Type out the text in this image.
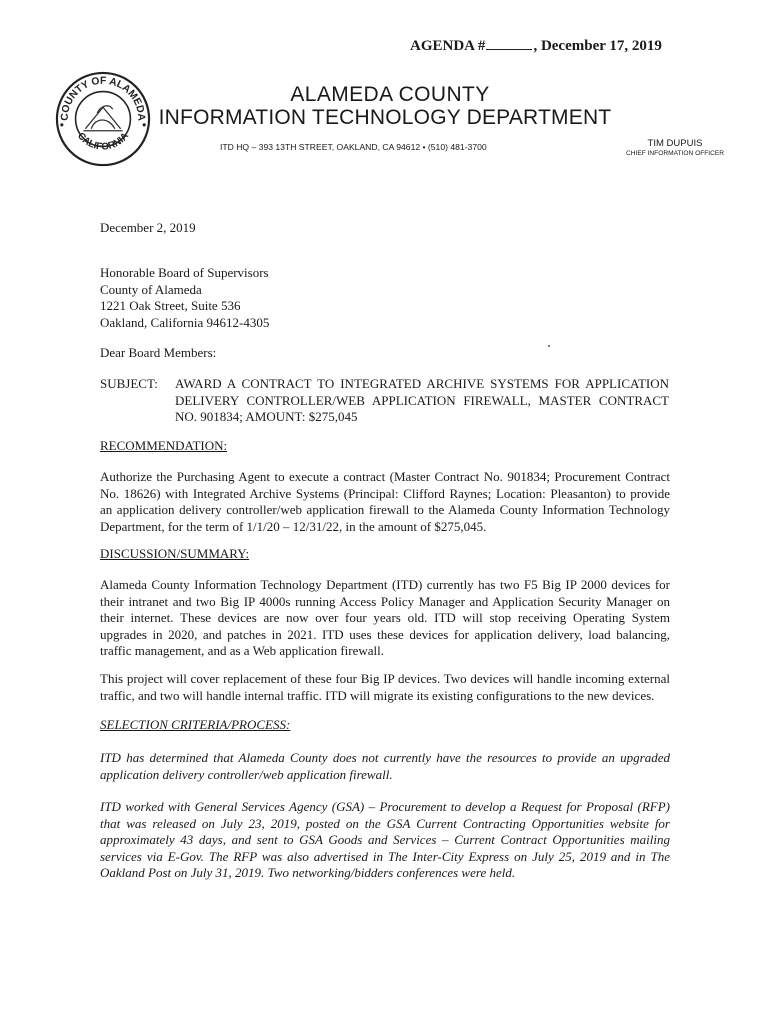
AGENDA #	, December 17, 2019
COUNTY OF ALAMEDA
CALIFORNIA
ALAMEDA COUNTY
INFORMATION TECHNOLOGY DEPARTMENT
ITD HQ – 393 13TH STREET, OAKLAND, CA 94612 • (510) 481-3700	TIM DUPUIS
CHIEF INFORMATION OFFICER
December 2, 2019
Honorable Board of Supervisors
County of Alameda
1221 Oak Street, Suite 536
Oakland, California 94612-4305
Dear Board Members:
SUBJECT: AWARD A CONTRACT TO INTEGRATED ARCHIVE SYSTEMS FOR APPLICATION
DELIVERY CONTROLLER/WEB APPLICATION FIREWALL, MASTER CONTRACT
NO. 901834; AMOUNT: $275,045
RECOMMENDATION:
Authorize the Purchasing Agent to execute a contract (Master Contract No. 901834; Procurement Contract
No. 18626) with Integrated Archive Systems (Principal: Clifford Raynes; Location: Pleasanton) to provide
an application delivery controller/web application firewall to the Alameda County Information Technology
Department, for the term of 1/1/20 – 12/31/22, in the amount of $275,045.
DISCUSSION/SUMMARY:
Alameda County Information Technology Department (ITD) currently has two F5 Big IP 2000 devices for
their intranet and two Big IP 4000s running Access Policy Manager and Application Security Manager on
their internet. These devices are now over four years old. ITD will stop receiving Operating System
upgrades in 2020, and patches in 2021. ITD uses these devices for application delivery, load balancing,
traffic management, and as a Web application firewall.
This project will cover replacement of these four Big IP devices. Two devices will handle incoming external
traffic, and two will handle internal traffic. ITD will migrate its existing configurations to the new devices.
SELECTION CRITERIA/PROCESS:
ITD has determined that Alameda County does not currently have the resources to provide an upgraded
application delivery controller/web application firewall.
ITD worked with General Services Agency (GSA) – Procurement to develop a Request for Proposal (RFP)
that was released on July 23, 2019, posted on the GSA Current Contracting Opportunities website for
approximately 43 days, and sent to GSA Goods and Services – Current Contract Opportunities mailing
services via E-Gov. The RFP was also advertised in The Inter-City Express on July 25, 2019 and in The
Oakland Post on July 31, 2019. Two networking/bidders conferences were held.
